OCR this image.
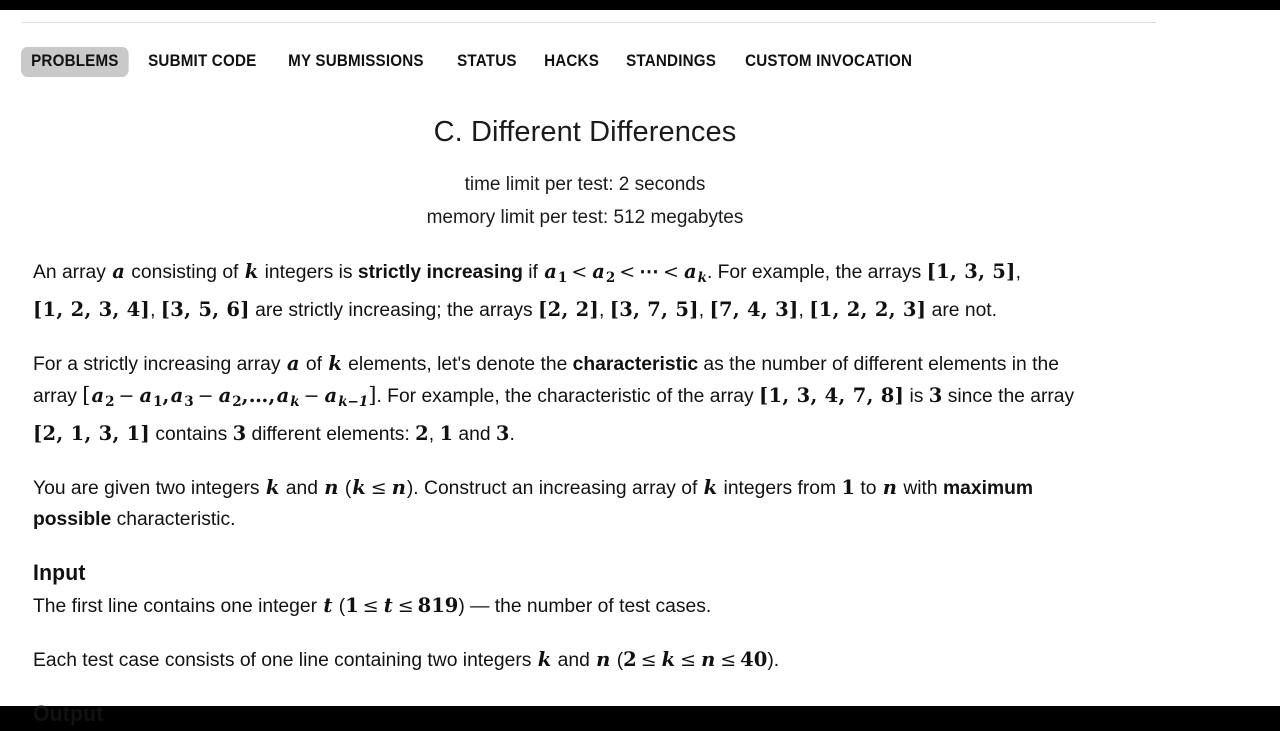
PROBLEMS	SUBMIT CODE	MY SUBMISSIONS	STATUS	HACKS	STANDINGS	CUSTOM INVOCATION
C. Different Differences
time limit per test: 2 seconds
memory limit per test: 512 megabytes

An array a consisting of k integers is strictly increasing if a1 < a2 < ⋯ < $a_k$. For example, the arrays [1, 3, 5], [1, 2, 3, 4], [3, 5, 6] are strictly increasing; the arrays [2, 2], [3, 7, 5], [7, 4, 3], [1, 2, 2, 3] are not.

For a strictly increasing array a of k elements, let's denote the characteristic as the number of different elements in the array $[a2 - a1,a3 - a2,\dots,a_k - a_{k-1}]$. For example, the characteristic of the array [1, 3, 4, 7, 8] is 3 since the array [2, 1, 3, 1] contains 3 different elements: 2, 1 and 3.

You are given two integers k and n (k ≤ n). Construct an increasing array of k integers from 1 to n with maximum possible characteristic.

Input

The first line contains one integer t (1 ≤ t ≤ 819) — the number of test cases.

Each test case consists of one line containing two integers k and n (2 ≤ k ≤ n ≤ 40).

Output
